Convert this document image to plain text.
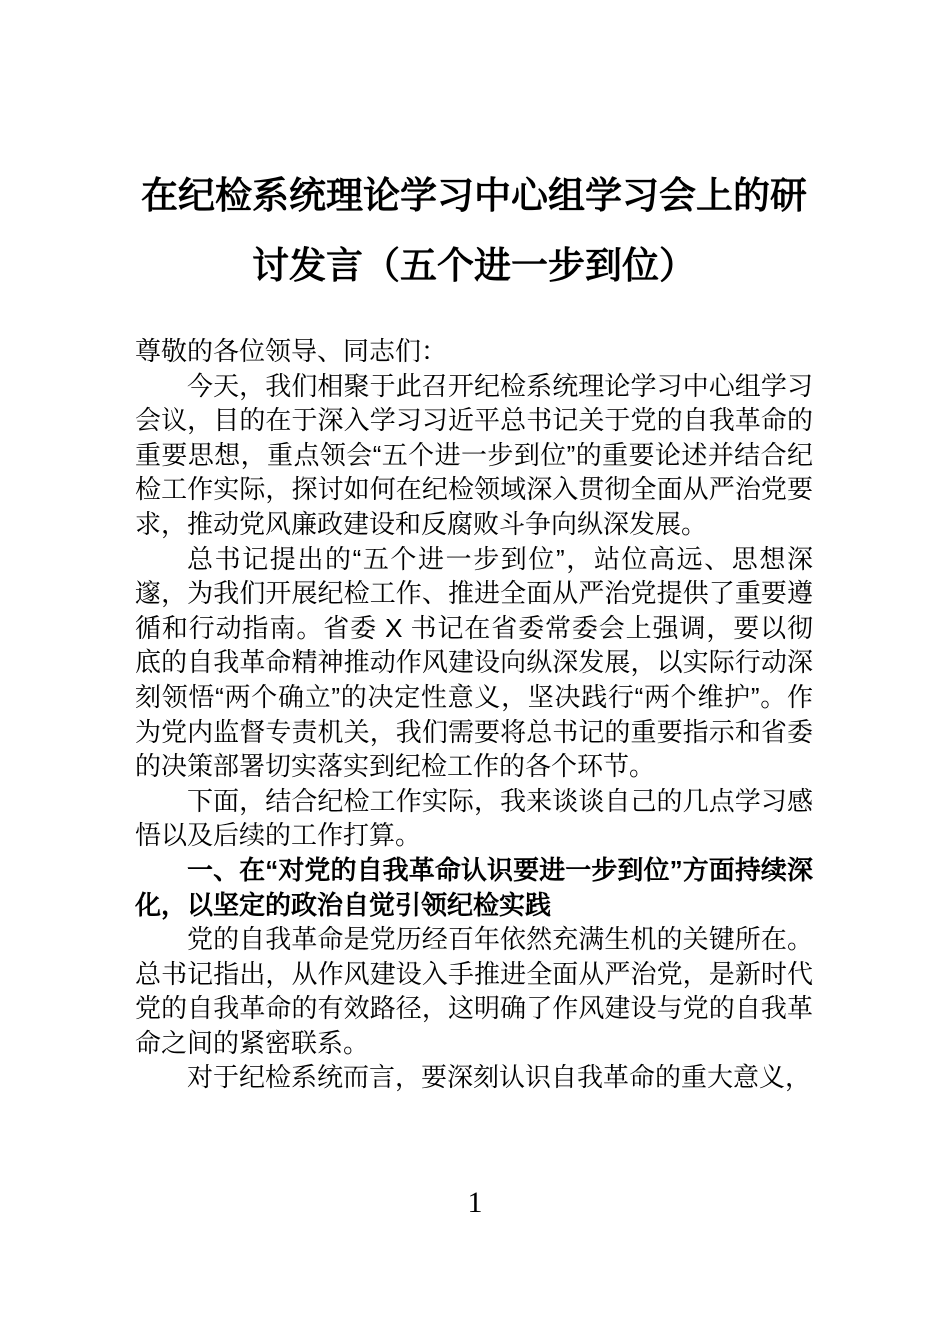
在纪检系统理论学习中心组学习会上的研讨发言（五个进一步到位）

尊敬的各位领导、同志们：

今天，我们相聚于此召开纪检系统理论学习中心组学习会议，目的在于深入学习习近平总书记关于党的自我革命的重要思想，重点领会“五个进一步到位”的重要论述并结合纪检工作实际，探讨如何在纪检领域深入贯彻全面从严治党要求，推动党风廉政建设和反腐败斗争向纵深发展。

总书记提出的“五个进一步到位”，站位高远、思想深邃，为我们开展纪检工作、推进全面从严治党提供了重要遵循和行动指南。省委 X 书记在省委常委会上强调，要以彻底的自我革命精神推动作风建设向纵深发展，以实际行动深刻领悟“两个确立”的决定性意义，坚决践行“两个维护”。作为党内监督专责机关，我们需要将总书记的重要指示和省委的决策部署切实落实到纪检工作的各个环节。

下面，结合纪检工作实际，我来谈谈自己的几点学习感悟以及后续的工作打算。

一、在“对党的自我革命认识要进一步到位”方面持续深化，以坚定的政治自觉引领纪检实践

党的自我革命是党历经百年依然充满生机的关键所在。总书记指出，从作风建设入手推进全面从严治党，是新时代党的自我革命的有效路径，这明确了作风建设与党的自我革命之间的紧密联系。

对于纪检系统而言，要深刻认识自我革命的重大意义，

1
